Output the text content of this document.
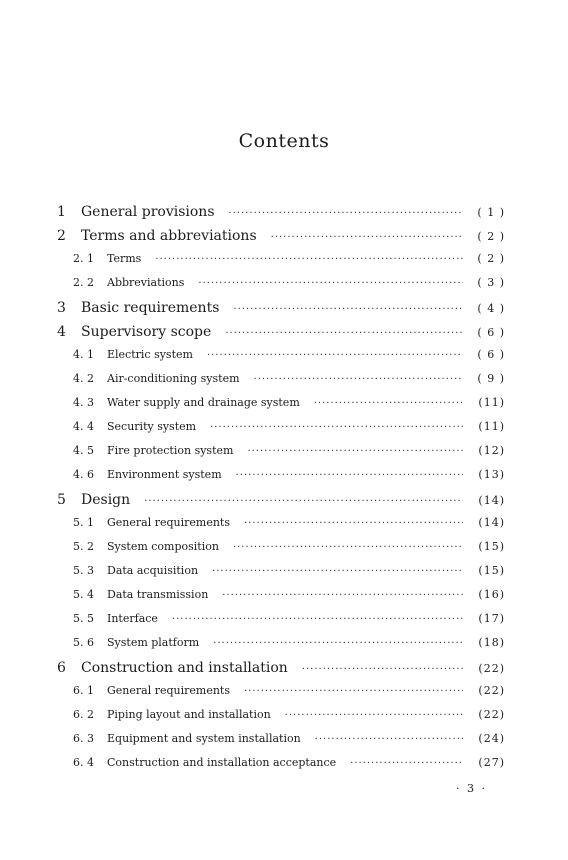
Contents
1	General provisions ·····	( 1 )
2	Terms and abbreviations ·····	( 2 )
2. 1	Terms ·····	( 2 )
2. 2	Abbreviations ·····	( 3 )
3	Basic requirements ·····	( 4 )
4	Supervisory scope ·····	( 6 )
4. 1	Electric system ·····	( 6 )
4. 2	Air-conditioning system ·····	( 9 )
4. 3	Water supply and drainage system ·····	(11)
4. 4	Security system ·····	(11)
4. 5	Fire protection system ·····	(12)
4. 6	Environment system ·····	(13)
5	Design ·····	(14)
5. 1	General requirements ·····	(14)
5. 2	System composition ·····	(15)
5. 3	Data acquisition ·····	(15)
5. 4	Data transmission ·····	(16)
5. 5	Interface ·····	(17)
5. 6	System platform ·····	(18)
6	Construction and installation ·····	(22)
6. 1	General requirements ·····	(22)
6. 2	Piping layout and installation ·····	(22)
6. 3	Equipment and system installation ·····	(24)
6. 4	Construction and installation acceptance ·····	(27)
· 3 ·
